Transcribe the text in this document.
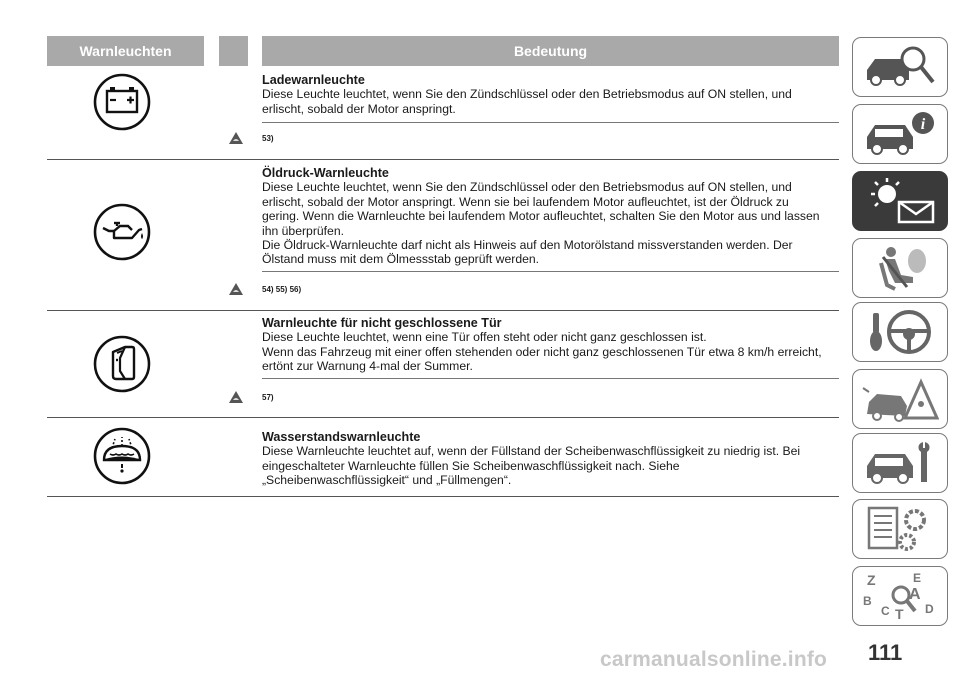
Warnleuchten	Bedeutung

Ladewarnleuchte

Diese Leuchte leuchtet, wenn Sie den Zündschlüssel oder den Betriebsmodus auf ON stellen, und

erlischt, sobald der Motor anspringt.

53)

Öldruck-Warnleuchte

Diese Leuchte leuchtet, wenn Sie den Zündschlüssel oder den Betriebsmodus auf ON stellen, und

erlischt, sobald der Motor anspringt. Wenn sie bei laufendem Motor aufleuchtet, ist der Öldruck zu

gering. Wenn die Warnleuchte bei laufendem Motor aufleuchtet, schalten Sie den Motor aus und lassen

ihn überprüfen.

Die Öldruck-Warnleuchte darf nicht als Hinweis auf den Motorölstand missverstanden werden. Der

Ölstand muss mit dem Ölmessstab geprüft werden.

54) 55) 56)

Warnleuchte für nicht geschlossene Tür

Diese Leuchte leuchtet, wenn eine Tür offen steht oder nicht ganz geschlossen ist.

Wenn das Fahrzeug mit einer offen stehenden oder nicht ganz geschlossenen Tür etwa 8 km/h erreicht,

ertönt zur Warnung 4-mal der Summer.

57)

Wasserstandswarnleuchte

Diese Warnleuchte leuchtet auf, wenn der Füllstand der Scheibenwaschflüssigkeit zu niedrig ist. Bei

eingeschalteter Warnleuchte füllen Sie Scheibenwaschflüssigkeit nach. Siehe

„Scheibenwaschflüssigkeit“ und „Füllmengen“.

i
Z	E
A
B
C T D
111
carmanualsonline.info
